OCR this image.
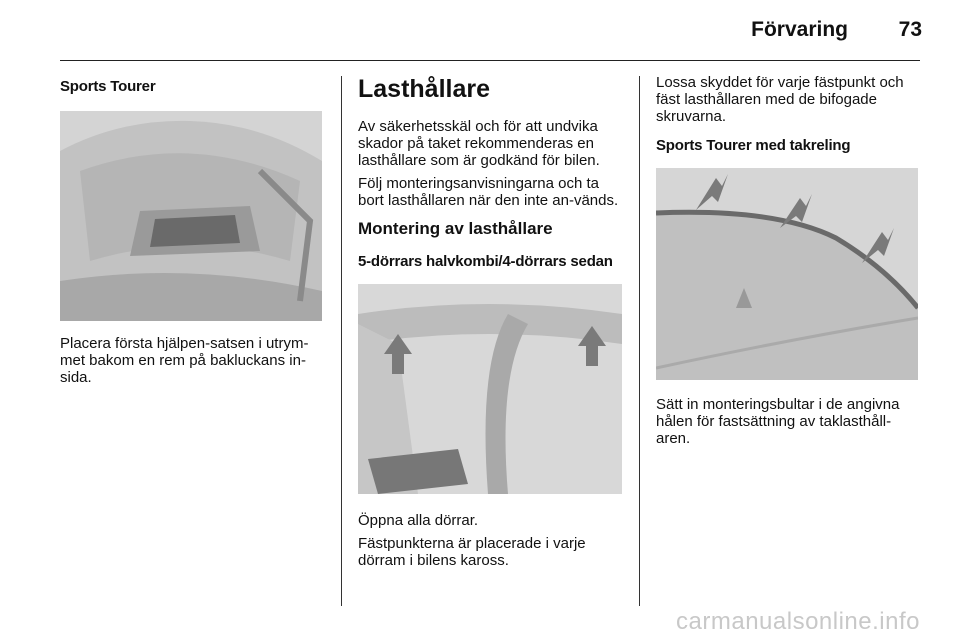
Förvaring 73
Sports Tourer

Placera första hjälpen-satsen i utrym-met bakom en rem på bakluckans in-sida.

Lasthållare

Av säkerhetsskäl och för att undvika skador på taket rekommenderas en lasthållare som är godkänd för bilen.

Följ monteringsanvisningarna och ta bort lasthållaren när den inte an-vänds.

Montering av lasthållare
5-dörrars halvkombi/4-dörrars sedan

Öppna alla dörrar.

Fästpunkterna är placerade i varje dörram i bilens kaross.

Lossa skyddet för varje fästpunkt och fäst lasthållaren med de bifogade skruvarna.

Sports Tourer med takreling

Sätt in monteringsbultar i de angivna hålen för fastsättning av taklasthåll-aren.

carmanualsonline.info
